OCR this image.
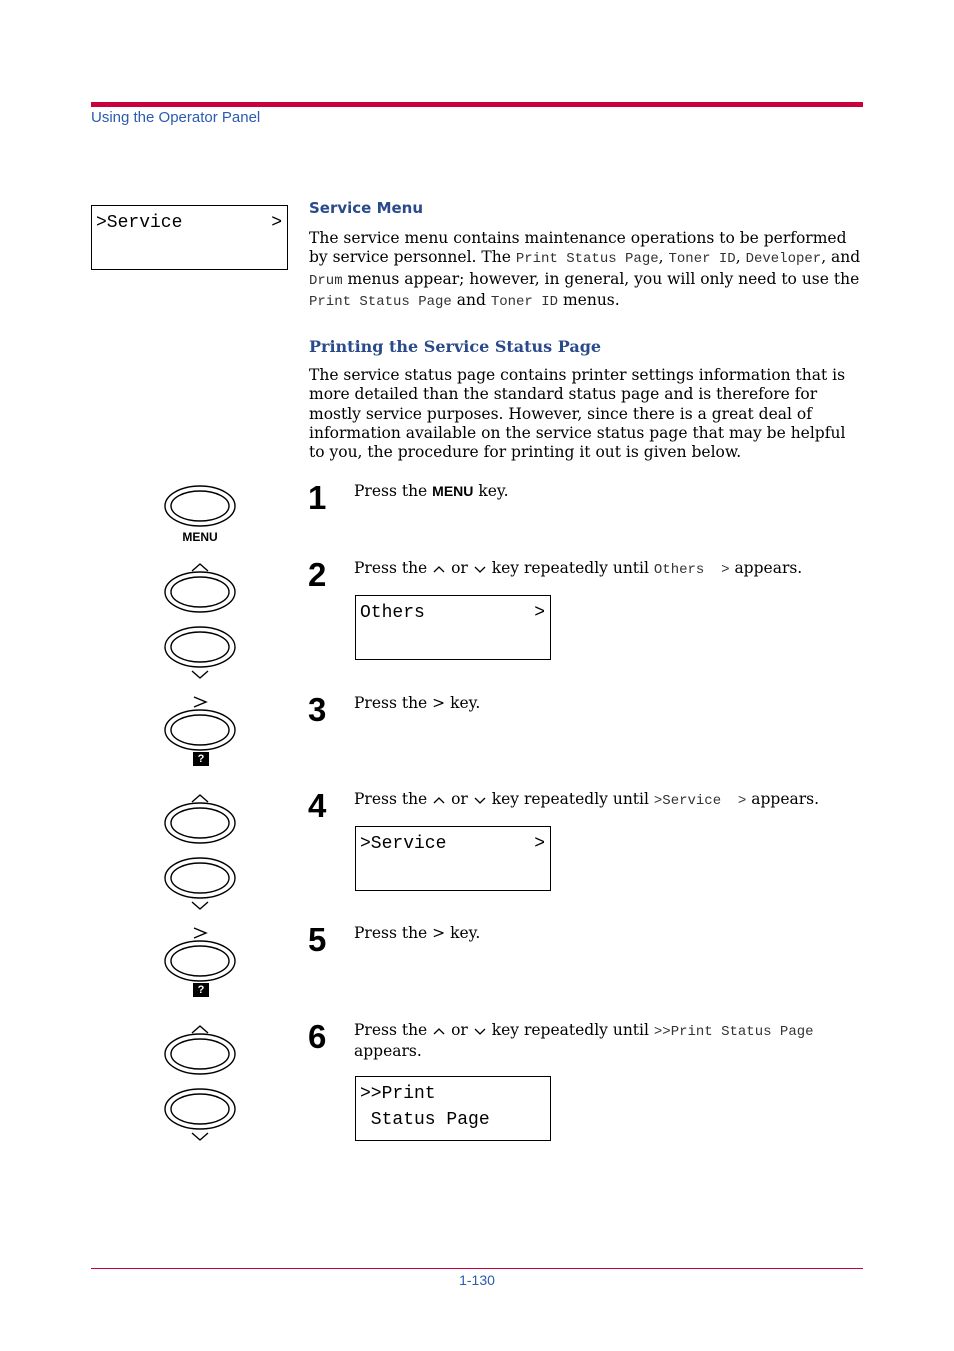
Using the Operator Panel
1-130
>Service	>
Service Menu
The service menu contains maintenance operations to be performed by service personnel. The Print Status Page, Toner ID, Developer, and Drum menus appear; however, in general, you will only need to use the Print Status Page and Toner ID menus.
Printing the Service Status Page
The service status page contains printer settings information that is more detailed than the standard status page and is therefore for mostly service purposes. However, since there is a great deal of information available on the service status page that may be helpful to you, the procedure for printing it out is given below.
MENU
?
?
1 Press the MENU key.
2 Press the  or  key repeatedly until Others  > appears.
Others	>
3 Press the > key.
4 Press the  or  key repeatedly until >Service  > appears.
>Service	>
5 Press the > key.
6 Press the  or  key repeatedly until >>Print Status Page
appears.
>>Print
Status Page
